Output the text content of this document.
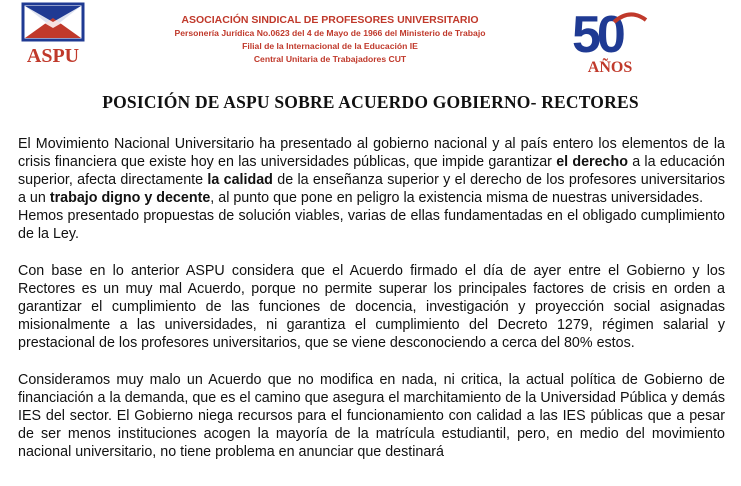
ASPU
ASOCIACIÓN SINDICAL DE PROFESORES UNIVERSITARIO
Personería Jurídica No.0623 del 4 de Mayo de 1966 del Ministerio de Trabajo
Filial de la Internacional de la Educación IE
Central Unitaria de Trabajadores CUT	50
AÑOS
POSICIÓN DE ASPU SOBRE ACUERDO GOBIERNO- RECTORES

El Movimiento Nacional Universitario ha presentado al gobierno nacional y al país entero los elementos de la crisis financiera que existe hoy en las universidades públicas, que impide garantizar el derecho a la educación superior, afecta directamente la calidad de la enseñanza superior y el derecho de los profesores universitarios a un trabajo digno y decente, al punto que pone en peligro la existencia misma de nuestras universidades.

Hemos presentado propuestas de solución viables, varias de ellas fundamentadas en el obligado cumplimiento de la Ley.

Con base en lo anterior ASPU considera que el Acuerdo firmado el día de ayer entre el Gobierno y los Rectores es un muy mal Acuerdo, porque no permite superar los principales factores de crisis en orden a garantizar el cumplimiento de las funciones de docencia, investigación y proyección social asignadas misionalmente a las universidades, ni garantiza el cumplimiento del Decreto 1279, régimen salarial y prestacional de los profesores universitarios, que se viene desconociendo a cerca del 80% estos.

Consideramos muy malo un Acuerdo que no modifica en nada, ni critica, la actual política de Gobierno de financiación a la demanda, que es el camino que asegura el marchitamiento de la Universidad Pública y demás IES del sector. El Gobierno niega recursos para el funcionamiento con calidad a las IES públicas que a pesar de ser menos instituciones acogen la mayoría de la matrícula estudiantil, pero, en medio del movimiento nacional universitario, no tiene problema en anunciar que destinará
